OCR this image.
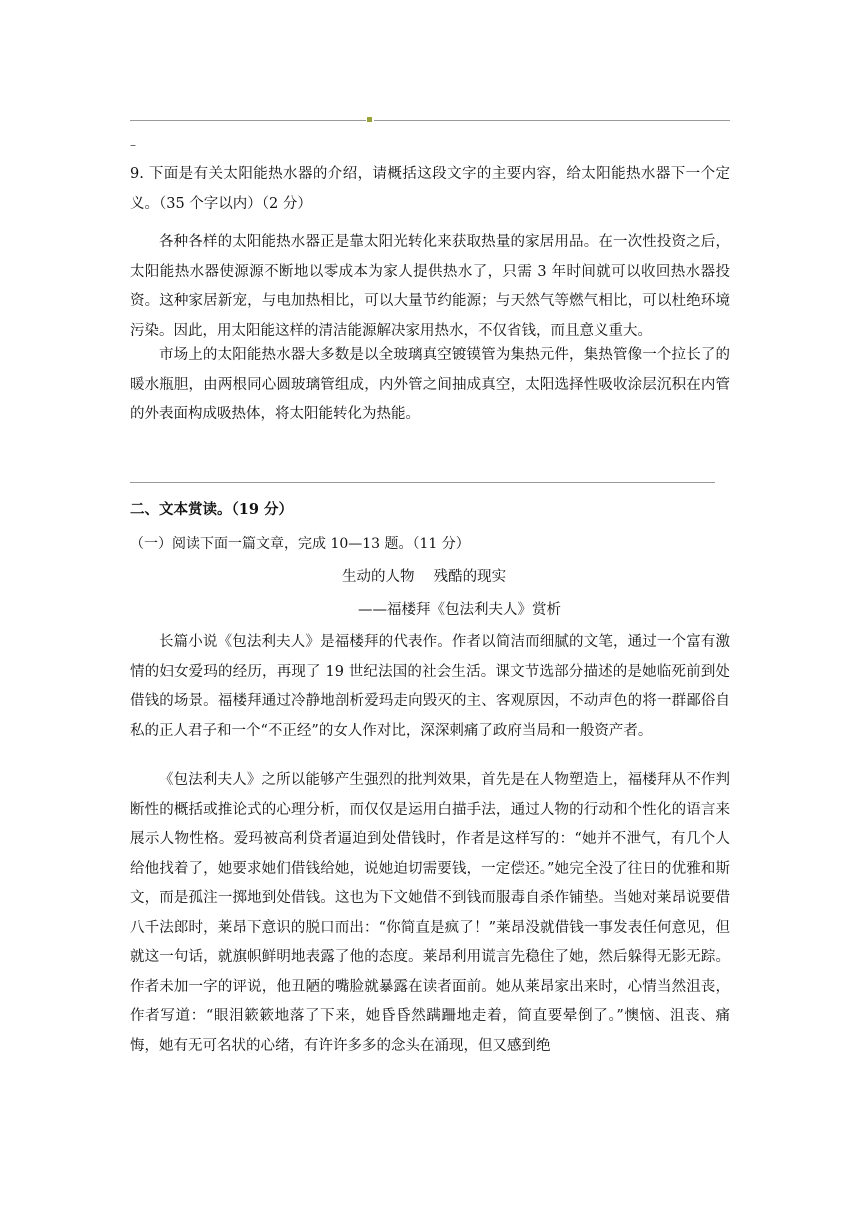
–
9. 下面是有关太阳能热水器的介绍，请概括这段文字的主要内容，给太阳能热水器下一个定义。（35 个字以内）（2 分）
各种各样的太阳能热水器正是靠太阳光转化来获取热量的家居用品。在一次性投资之后，太阳能热水器使源源不断地以零成本为家人提供热水了，只需 3 年时间就可以收回热水器投资。这种家居新宠，与电加热相比，可以大量节约能源；与天然气等燃气相比，可以杜绝环境污染。因此，用太阳能这样的清洁能源解决家用热水，不仅省钱，而且意义重大。
市场上的太阳能热水器大多数是以全玻璃真空镀镆管为集热元件，集热管像一个拉长了的暖水瓶胆，由两根同心圆玻璃管组成，内外管之间抽成真空，太阳选择性吸收涂层沉积在内管的外表面构成吸热体，将太阳能转化为热能。
二、文本赏读。（19 分）
（一）阅读下面一篇文章，完成 10—13 题。（11 分）
生动的人物　 残酷的现实
——福楼拜《包法利夫人》赏析
长篇小说《包法利夫人》是福楼拜的代表作。作者以简洁而细腻的文笔，通过一个富有激情的妇女爱玛的经历，再现了 19 世纪法国的社会生活。课文节选部分描述的是她临死前到处借钱的场景。福楼拜通过冷静地剖析爱玛走向毁灭的主、客观原因，不动声色的将一群鄙俗自私的正人君子和一个“不正经”的女人作对比，深深刺痛了政府当局和一般资产者。
《包法利夫人》之所以能够产生强烈的批判效果，首先是在人物塑造上，福楼拜从不作判断性的概括或推论式的心理分析，而仅仅是运用白描手法，通过人物的行动和个性化的语言来展示人物性格。爱玛被高利贷者逼迫到处借钱时，作者是这样写的：“她并不泄气，有几个人给他找着了，她要求她们借钱给她，说她迫切需要钱，一定偿还。”她完全没了往日的优雅和斯文，而是孤注一掷地到处借钱。这也为下文她借不到钱而服毒自杀作铺垫。当她对莱昂说要借八千法郎时，莱昂下意识的脱口而出：“你简直是疯了！”莱昂没就借钱一事发表任何意见，但就这一句话，就旗帜鲜明地表露了他的态度。莱昂利用谎言先稳住了她，然后躲得无影无踪。作者未加一字的评说，他丑陋的嘴脸就暴露在读者面前。她从莱昂家出来时，心情当然沮丧，作者写道：“眼泪簌簌地落了下来，她昏昏然蹒跚地走着，简直要晕倒了。”懊恼、沮丧、痛悔，她有无可名状的心绪，有许许多多的念头在涌现，但又感到绝
